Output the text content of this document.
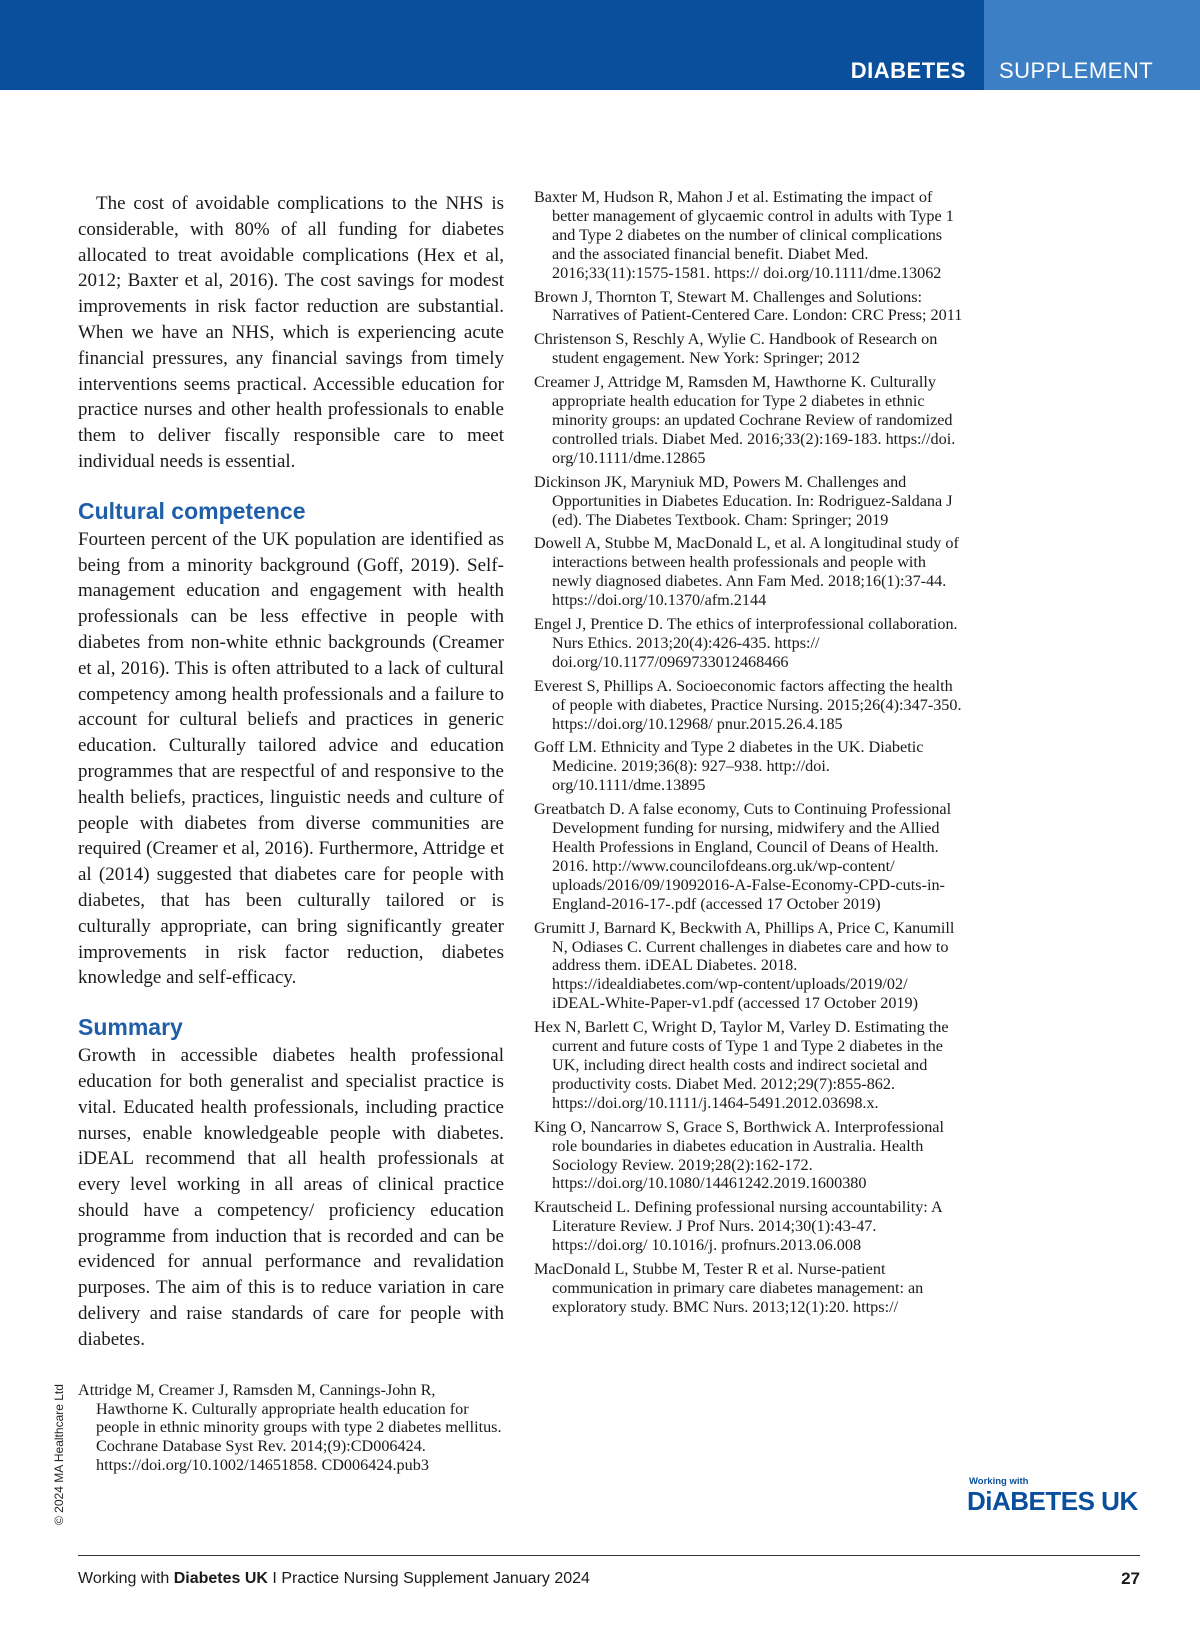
DIABETES SUPPLEMENT

The cost of avoidable complications to the NHS is considerable, with 80% of all funding for diabetes allocated to treat avoidable complications (Hex et al, 2012; Baxter et al, 2016). The cost savings for modest improvements in risk factor reduction are substantial. When we have an NHS, which is experiencing acute financial pressures, any financial savings from timely interventions seems practical. Accessible education for practice nurses and other health professionals to enable them to deliver fiscally responsible care to meet individual needs is essential.

Cultural competence

Fourteen percent of the UK population are identified as being from a minority background (Goff, 2019). Self-management education and engagement with health professionals can be less effective in people with diabetes from non-white ethnic backgrounds (Creamer et al, 2016). This is often attributed to a lack of cultural competency among health professionals and a failure to account for cultural beliefs and practices in generic education. Culturally tailored advice and education programmes that are respectful of and responsive to the health beliefs, practices, linguistic needs and culture of people with diabetes from diverse communities are required (Creamer et al, 2016). Furthermore, Attridge et al (2014) suggested that diabetes care for people with diabetes, that has been culturally tailored or is culturally appropriate, can bring significantly greater improvements in risk factor reduction, diabetes knowledge and self-efficacy.

Summary

Growth in accessible diabetes health professional education for both generalist and specialist practice is vital. Educated health professionals, including practice nurses, enable knowledgeable people with diabetes. iDEAL recommend that all health professionals at every level working in all areas of clinical practice should have a competency/ proficiency education programme from induction that is recorded and can be evidenced for annual performance and revalidation purposes. The aim of this is to reduce variation in care delivery and raise standards of care for people with diabetes.

Attridge M, Creamer J, Ramsden M, Cannings-John R, Hawthorne K. Culturally appropriate health education for people in ethnic minority groups with type 2 diabetes mellitus. Cochrane Database Syst Rev. 2014;(9):CD006424. https://doi.org/10.1002/14651858. CD006424.pub3

Baxter M, Hudson R, Mahon J et al. Estimating the impact of better management of glycaemic control in adults with Type 1 and Type 2 diabetes on the number of clinical complications and the associated financial benefit. Diabet Med. 2016;33(11):1575-1581. https:// doi.org/10.1111/dme.13062

Brown J, Thornton T, Stewart M. Challenges and Solutions: Narratives of Patient-Centered Care. London: CRC Press; 2011

Christenson S, Reschly A, Wylie C. Handbook of Research on student engagement. New York: Springer; 2012

Creamer J, Attridge M, Ramsden M, Hawthorne K. Culturally appropriate health education for Type 2 diabetes in ethnic minority groups: an updated Cochrane Review of randomized controlled trials. Diabet Med. 2016;33(2):169-183. https://doi. org/10.1111/dme.12865

Dickinson JK, Maryniuk MD, Powers M. Challenges and Opportunities in Diabetes Education. In: Rodriguez-Saldana J (ed). The Diabetes Textbook. Cham: Springer; 2019

Dowell A, Stubbe M, MacDonald L, et al. A longitudinal study of interactions between health professionals and people with newly diagnosed diabetes. Ann Fam Med. 2018;16(1):37-44. https://doi.org/10.1370/afm.2144

Engel J, Prentice D. The ethics of interprofessional collaboration. Nurs Ethics. 2013;20(4):426-435. https:// doi.org/10.1177/0969733012468466

Everest S, Phillips A. Socioeconomic factors affecting the health of people with diabetes, Practice Nursing. 2015;26(4):347-350. https://doi.org/10.12968/ pnur.2015.26.4.185

Goff LM. Ethnicity and Type 2 diabetes in the UK. Diabetic Medicine. 2019;36(8): 927–938. http://doi. org/10.1111/dme.13895

Greatbatch D. A false economy, Cuts to Continuing Professional Development funding for nursing, midwifery and the Allied Health Professions in England, Council of Deans of Health. 2016. http://www.councilofdeans.org.uk/wp-content/ uploads/2016/09/19092016-A-False-Economy-CPD-cuts-in-England-2016-17-.pdf (accessed 17 October 2019)

Grumitt J, Barnard K, Beckwith A, Phillips A, Price C, Kanumill N, Odiases C. Current challenges in diabetes care and how to address them. iDEAL Diabetes. 2018. https://idealdiabetes.com/wp-content/uploads/2019/02/ iDEAL-White-Paper-v1.pdf (accessed 17 October 2019)

Hex N, Barlett C, Wright D, Taylor M, Varley D. Estimating the current and future costs of Type 1 and Type 2 diabetes in the UK, including direct health costs and indirect societal and productivity costs. Diabet Med. 2012;29(7):855-862. https://doi.org/10.1111/j.1464-5491.2012.03698.x.

King O, Nancarrow S, Grace S, Borthwick A. Interprofessional role boundaries in diabetes education in Australia. Health Sociology Review. 2019;28(2):162-172. https://doi.org/10.1080/14461242.2019.1600380

Krautscheid L. Defining professional nursing accountability: A Literature Review. J Prof Nurs. 2014;30(1):43-47. https://doi.org/ 10.1016/j. profnurs.2013.06.008

MacDonald L, Stubbe M, Tester R et al. Nurse-patient communication in primary care diabetes management: an exploratory study. BMC Nurs. 2013;12(1):20. https://

© 2024 MA Healthcare Ltd	Working with
DiABETES UK
Working with Diabetes UK I Practice Nursing Supplement January 2024	27
